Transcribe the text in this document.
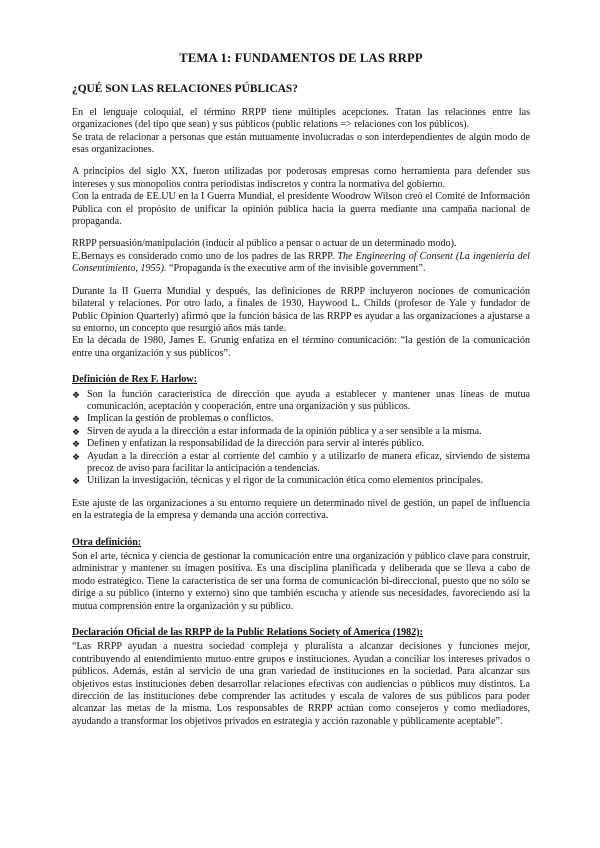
TEMA 1: FUNDAMENTOS DE LAS RRPP
¿QUÉ SON LAS RELACIONES PÚBLICAS?

En el lenguaje coloquial, el término RRPP tiene múltiples acepciones. Tratan las relaciones entre las organizaciones (del tipo que sean) y sus públicos (public relations => relaciones con los públicos).
Se trata de relacionar a personas que están mutuamente involucradas o son interdependientes de algún modo de esas organizaciones.

A principios del siglo XX, fueron utilizadas por poderosas empresas como herramienta para defender sus intereses y sus monopolios contra periodistas indiscretos y contra la normativa del gobierno.
Con la entrada de EE.UU en la I Guerra Mundial, el presidente Woodrow Wilson creó el Comité de Información Pública con el propósito de unificar la opinión pública hacia la guerra mediante una campaña nacional de propaganda.

RRPP persuasión/manipulación (inducir al público a pensar o actuar de un determinado modo).
E.Bernays es considerado como uno de los padres de las RRPP. The Engineering of Consent (La ingeniería del Consentimiento, 1955). “Propaganda is the executive arm of the invisible government”.

Durante la II Guerra Mundial y después, las definiciones de RRPP incluyeron nociones de comunicación bilateral y relaciones. Por otro lado, a finales de 1930, Haywood L. Childs (profesor de Yale y fundador de Public Opinion Quarterly) afirmó que la función básica de las RRPP es ayudar a las organizaciones a ajustarse a su entorno, un concepto que resurgió años más tarde.
En la década de 1980, James E. Grunig enfatiza en el término comunicación: “la gestión de la comunicación entre una organización y sus públicos”.

Definición de Rex F. Harlow:
❖ Son la función característica de dirección que ayuda a establecer y mantener unas líneas de mutua comunicación, aceptación y cooperación, entre una organización y sus públicos.
❖ Implican la gestión de problemas o conflictos.
❖ Sirven de ayuda a la dirección a estar informada de la opinión pública y a ser sensible a la misma.
❖ Definen y enfatizan la responsabilidad de la dirección para servir al interés público.
❖ Ayudan a la dirección a estar al corriente del cambio y a utilizarlo de manera eficaz, sirviendo de sistema precoz de aviso para facilitar la anticipación a tendencias.
❖ Utilizan la investigación, técnicas y el rigor de la comunicación ética como elementos principales.

Este ajuste de las organizaciones a su entorno requiere un determinado nivel de gestión, un papel de influencia en la estrategia de la empresa y demanda una acción correctiva.

Otra definición:

Son el arte, técnica y ciencia de gestionar la comunicación entre una organización y público clave para construir, administrar y mantener su imagen positiva. Es una disciplina planificada y deliberada que se lleva a cabo de modo estratégico. Tiene la característica de ser una forma de comunicación bi-direccional, puesto que no sólo se dirige a su público (interno y externo) sino que también escucha y atiende sus necesidades, favoreciendo así la mutua comprensión entre la organización y su público.

Declaración Oficial de las RRPP de la Public Relations Society of America (1982):

“Las RRPP ayudan a nuestra sociedad compleja y pluralista a alcanzar decisiones y funciones mejor, contribuyendo al entendimiento mutuo entre grupos e instituciones. Ayudan a conciliar los intereses privados o públicos. Además, están al servicio de una gran variedad de instituciones en la sociedad. Para alcanzar sus objetivos estas instituciones deben desarrollar relaciones efectivas con audiencias o públicos muy distintos. La dirección de las instituciones debe comprender las actitudes y escala de valores de sus públicos para poder alcanzar las metas de la misma. Los responsables de RRPP actúan como consejeros y como mediadores, ayudando a transformar los objetivos privados en estrategia y acción razonable y públicamente aceptable”.
